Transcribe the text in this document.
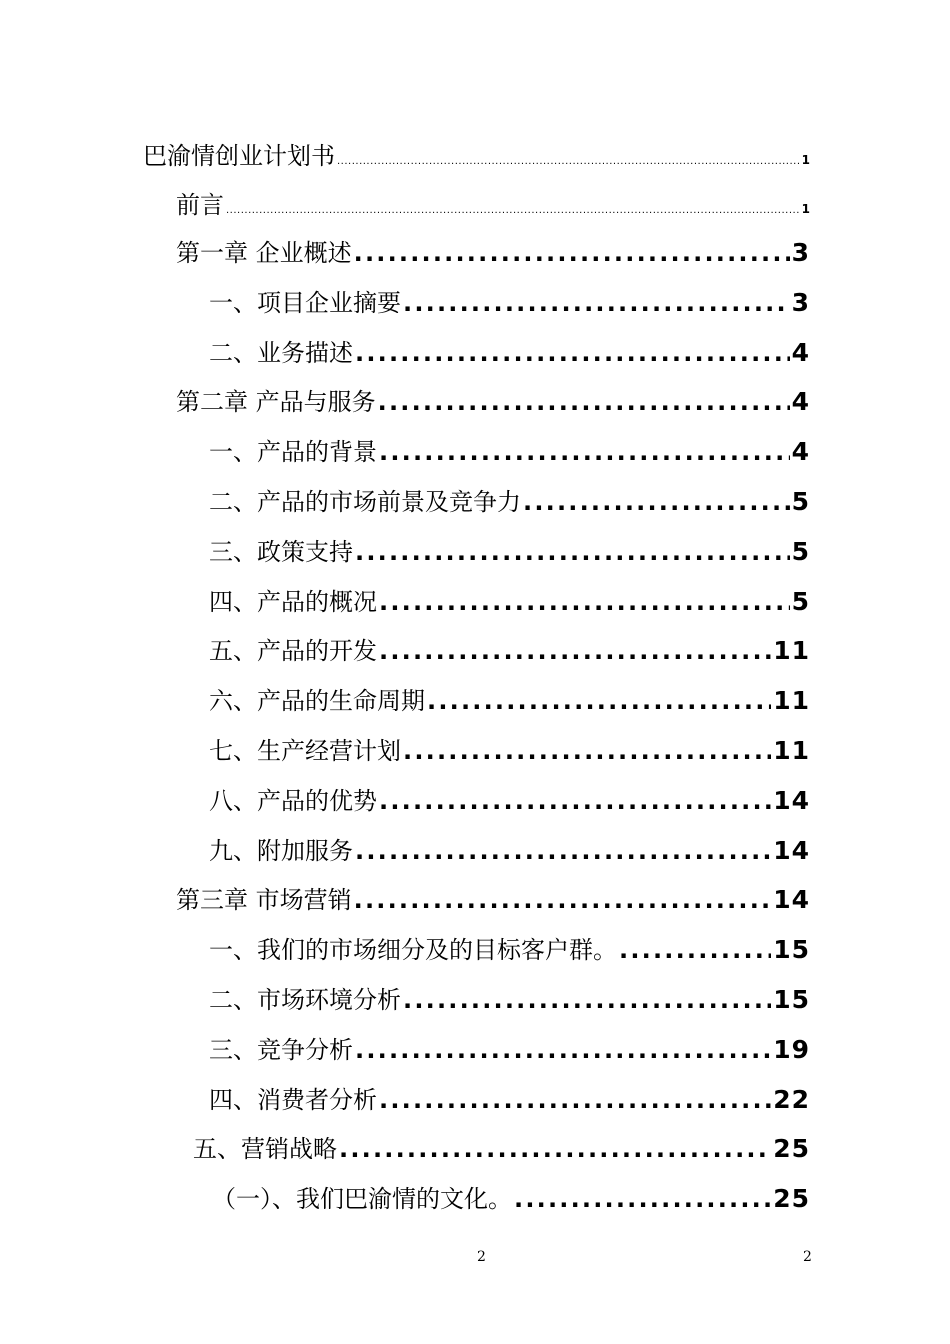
巴渝情创业计划书 .....	1
前言 .....	1
第一章 企业概述 .....	3
一、项目企业摘要 .....	3
二、业务描述 .....	4
第二章 产品与服务 .....	4
一、产品的背景 .....	4
二、产品的市场前景及竞争力 .....	5
三、政策支持 .....	5
四、产品的概况 .....	5
五、产品的开发 .....	11
六、产品的生命周期 .....	11
七、生产经营计划 .....	11
八、产品的优势 .....	14
九、附加服务 .....	14
第三章 市场营销 .....	14
一、我们的市场细分及的目标客户群。 .....	15
二、市场环境分析 .....	15
三、竞争分析 .....	19
四、消费者分析 .....	22
五、营销战略 .....	25
（一）、我们巴渝情的文化。 .....	25
2	2
